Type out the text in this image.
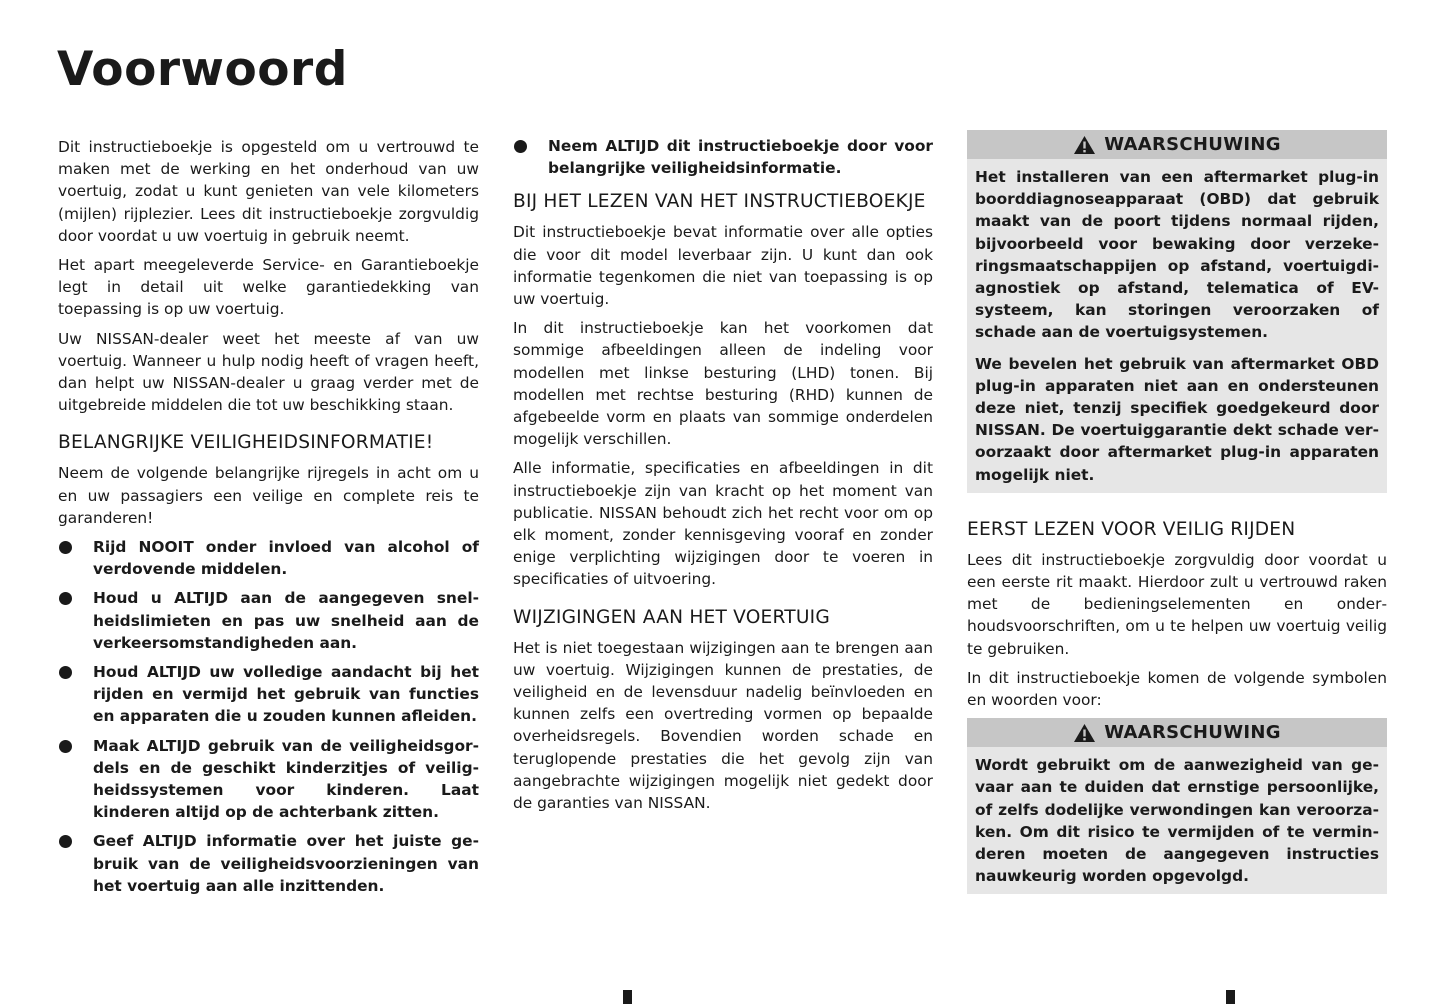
Voorwoord

Dit instructieboekje is opgesteld om u vertrouwd te maken met de werking en het onderhoud van uw voertuig, zodat u kunt genieten van vele kilometers (mijlen) rijplezier. Lees dit instructieboekje zorgvuldig door voordat u uw voertuig in gebruik neemt.

Het apart meegeleverde Service- en Garantieboekje legt in detail uit welke garantiedekking van toepassing is op uw voertuig.

Uw NISSAN-dealer weet het meeste af van uw voertuig. Wanneer u hulp nodig heeft of vragen heeft, dan helpt uw NISSAN-dealer u graag verder met de uitgebreide middelen die tot uw beschikking staan.

BELANGRIJKE VEILIGHEIDSINFORMATIE!

Neem de volgende belangrijke rijregels in acht om u en uw passagiers een veilige en complete reis te garanderen!

Rijd NOOIT onder invloed van alcohol of verdovende middelen.
Houd u ALTIJD aan de aangegeven snelheidslimieten en pas uw snelheid aan de verkeersomstandigheden aan.
Houd ALTIJD uw volledige aandacht bij het rijden en vermijd het gebruik van functies en apparaten die u zouden kunnen afleiden.
Maak ALTIJD gebruik van de veiligheidsgordels en de geschikt kinderzitjes of veiligheidssystemen voor kinderen. Laat kinderen altijd op de achterbank zitten.
Geef ALTIJD informatie over het juiste gebruik van de veiligheidsvoorzieningen van het voertuig aan alle inzittenden.
Neem ALTIJD dit instructieboekje door voor belangrijke veiligheidsinformatie.
BIJ HET LEZEN VAN HET INSTRUCTIEBOEKJE

Dit instructieboekje bevat informatie over alle opties die voor dit model leverbaar zijn. U kunt dan ook informatie tegenkomen die niet van toepassing is op uw voertuig.

In dit instructieboekje kan het voorkomen dat sommige afbeeldingen alleen de indeling voor modellen met linkse besturing (LHD) tonen. Bij modellen met rechtse besturing (RHD) kunnen de afgebeelde vorm en plaats van sommige onderdelen mogelijk verschillen.

Alle informatie, specificaties en afbeeldingen in dit instructieboekje zijn van kracht op het moment van publicatie. NISSAN behoudt zich het recht voor om op elk moment, zonder kennisgeving vooraf en zonder enige verplichting wijzigingen door te voeren in specificaties of uitvoering.

WIJZIGINGEN AAN HET VOERTUIG

Het is niet toegestaan wijzigingen aan te brengen aan uw voertuig. Wijzigingen kunnen de prestaties, de veiligheid en de levensduur nadelig beïnvloeden en kunnen zelfs een overtreding vormen op bepaalde overheidsregels. Bovendien worden schade en teruglopende prestaties die het gevolg zijn van aangebrachte wijzigingen mogelijk niet gedekt door de garanties van NISSAN.

WAARSCHUWING

Het installeren van een aftermarket plug-in boorddiagnoseapparaat (OBD) dat gebruik maakt van de poort tijdens normaal rijden, bijvoorbeeld voor bewaking door verzekeringsmaatschappijen op afstand, voertuigdiagnostiek op afstand, telematica of EV-systeem, kan storingen veroorzaken of schade aan de voertuigsystemen.

We bevelen het gebruik van aftermarket OBD plug-in apparaten niet aan en ondersteunen deze niet, tenzij specifiek goedgekeurd door NISSAN. De voertuiggarantie dekt schade veroorzaakt door aftermarket plug-in apparaten mogelijk niet.

EERST LEZEN VOOR VEILIG RIJDEN

Lees dit instructieboekje zorgvuldig door voordat u een eerste rit maakt. Hierdoor zult u vertrouwd raken met de bedieningselementen en onderhoudsvoorschriften, om u te helpen uw voertuig veilig te gebruiken.

In dit instructieboekje komen de volgende symbolen en woorden voor:

WAARSCHUWING

Wordt gebruikt om de aanwezigheid van gevaar aan te duiden dat ernstige persoonlijke, of zelfs dodelijke verwondingen kan veroorzaken. Om dit risico te vermijden of te verminderen moeten de aangegeven instructies nauwkeurig worden opgevolgd.
